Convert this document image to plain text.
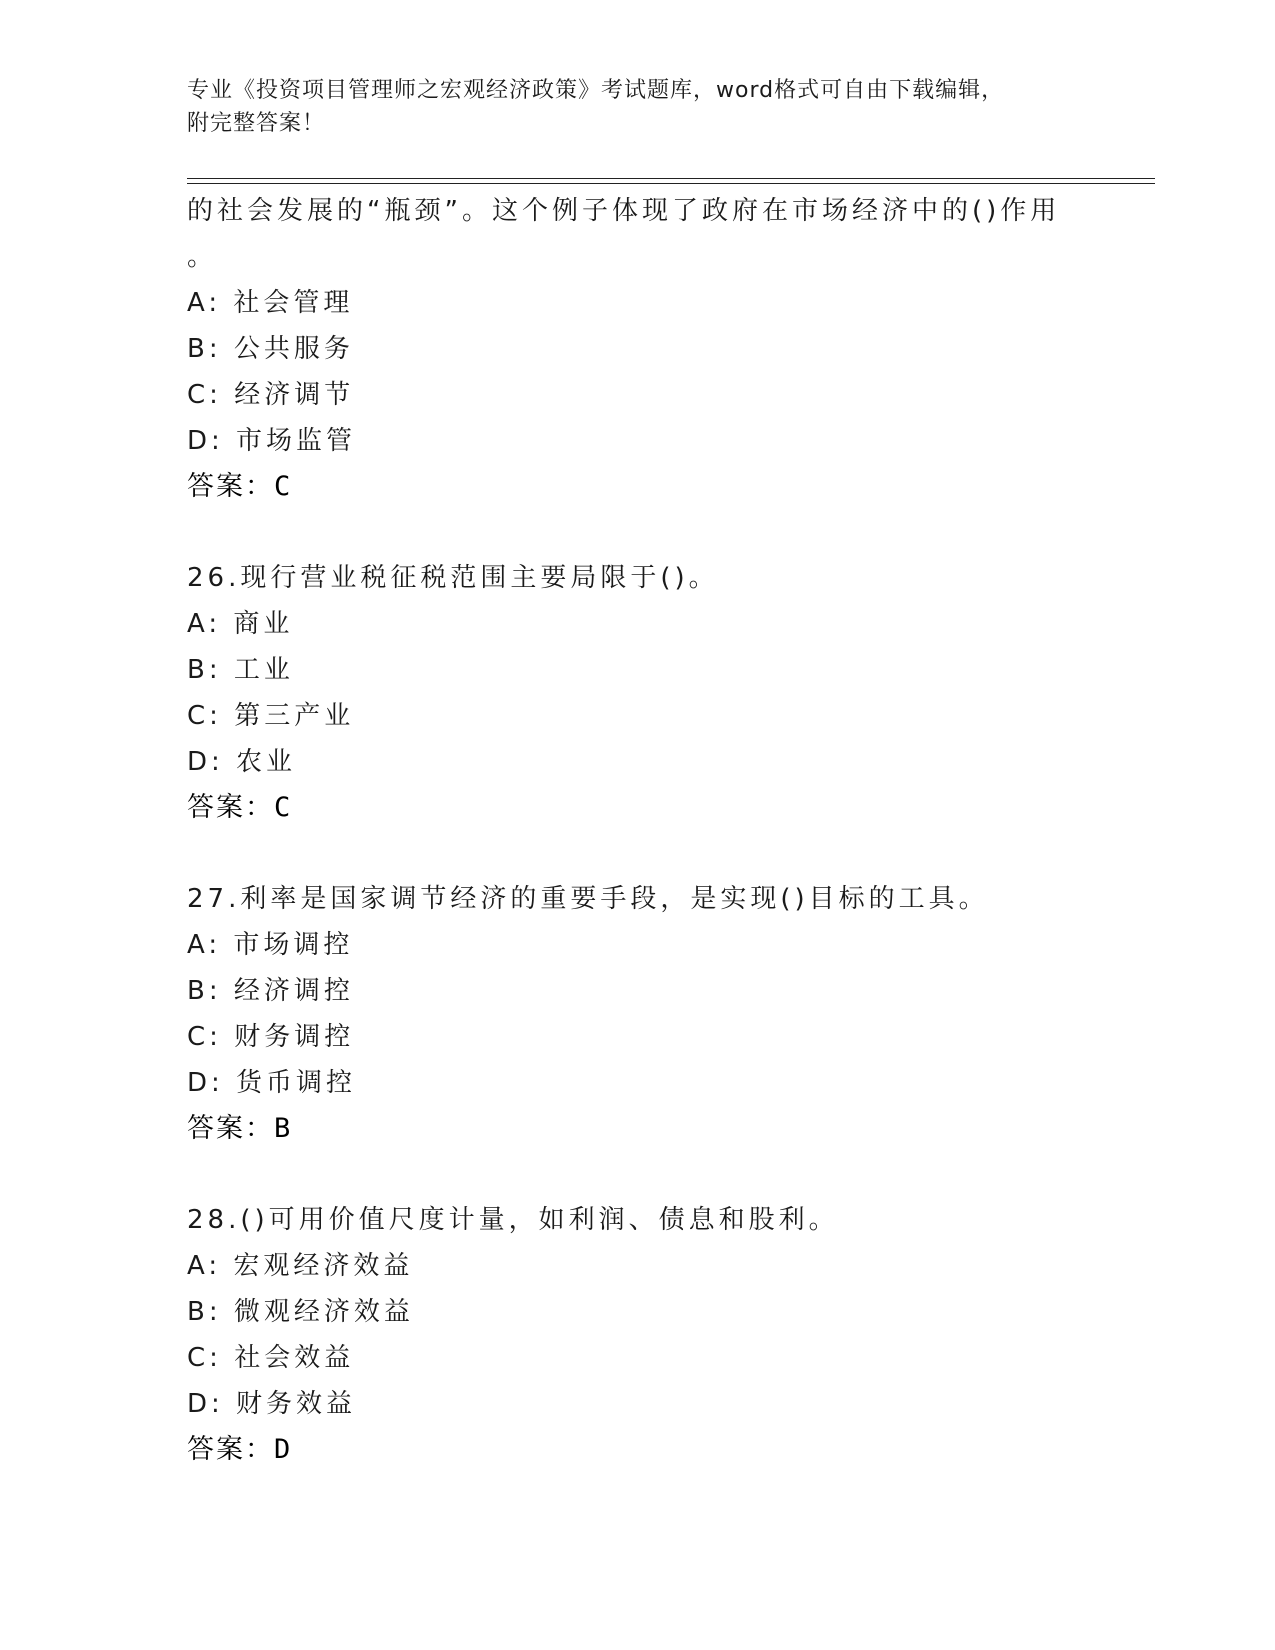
专业《投资项目管理师之宏观经济政策》考试题库，word格式可自由下载编辑，
附完整答案！
的社会发展的“瓶颈”。这个例子体现了政府在市场经济中的()作用
。
A: 社会管理
B: 公共服务
C: 经济调节
D: 市场监管
答案：C
26.现行营业税征税范围主要局限于()。
A: 商业
B: 工业
C: 第三产业
D: 农业
答案：C
27.利率是国家调节经济的重要手段，是实现()目标的工具。
A: 市场调控
B: 经济调控
C: 财务调控
D: 货币调控
答案：B
28.()可用价值尺度计量，如利润、债息和股利。
A: 宏观经济效益
B: 微观经济效益
C: 社会效益
D: 财务效益
答案：D
